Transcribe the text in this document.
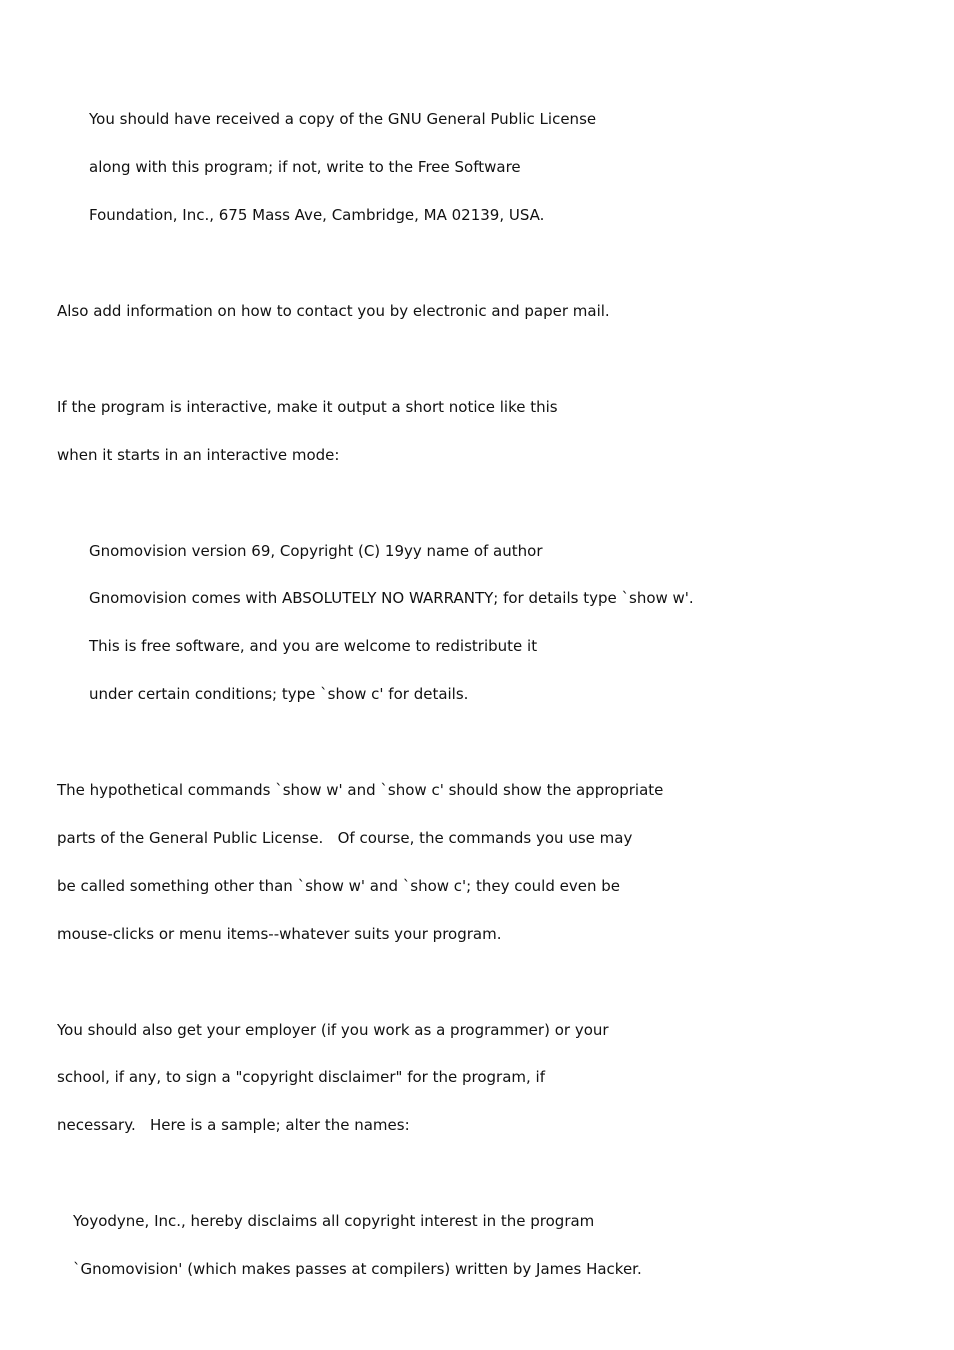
You should have received a copy of the GNU General Public License

along with this program; if not, write to the Free Software

Foundation, Inc., 675 Mass Ave, Cambridge, MA 02139, USA.

Also add information on how to contact you by electronic and paper mail.

If the program is interactive, make it output a short notice like this

when it starts in an interactive mode:

Gnomovision version 69, Copyright (C) 19yy name of author

Gnomovision comes with ABSOLUTELY NO WARRANTY; for details type `show w'.

This is free software, and you are welcome to redistribute it

under certain conditions; type `show c' for details.

The hypothetical commands `show w' and `show c' should show the appropriate

parts of the General Public License.   Of course, the commands you use may

be called something other than `show w' and `show c'; they could even be

mouse-clicks or menu items--whatever suits your program.

You should also get your employer (if you work as a programmer) or your

school, if any, to sign a "copyright disclaimer" for the program, if

necessary.   Here is a sample; alter the names:

Yoyodyne, Inc., hereby disclaims all copyright interest in the program

`Gnomovision' (which makes passes at compilers) written by James Hacker.
